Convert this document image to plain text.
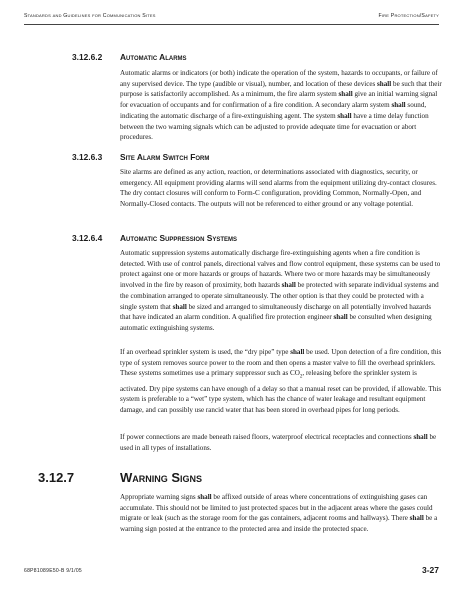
Standards and Guidelines for Communication Sites	Fire Protection/Safety
3.12.6.2 Automatic Alarms

Automatic alarms or indicators (or both) indicate the operation of the system, hazards to occupants, or failure of any supervised device. The type (audible or visual), number, and location of these devices shall be such that their purpose is satisfactorily accomplished. As a minimum, the fire alarm system shall give an initial warning signal for evacuation of occupants and for confirmation of a fire condition. A secondary alarm system shall sound, indicating the automatic discharge of a fire-extinguishing agent. The system shall have a time delay function between the two warning signals which can be adjusted to provide adequate time for evacuation or abort procedures.

3.12.6.3 Site Alarm Switch Form

Site alarms are defined as any action, reaction, or determinations associated with diagnostics, security, or emergency. All equipment providing alarms will send alarms from the equipment utilizing dry-contact closures. The dry contact closures will conform to Form-C configuration, providing Common, Normally-Open, and Normally-Closed contacts. The outputs will not be referenced to either ground or any voltage potential.

3.12.6.4 Automatic Suppression Systems

Automatic suppression systems automatically discharge fire-extinguishing agents when a fire condition is detected. With use of control panels, directional valves and flow control equipment, these systems can be used to protect against one or more hazards or groups of hazards. Where two or more hazards may be simultaneously involved in the fire by reason of proximity, both hazards shall be protected with separate individual systems and the combination arranged to operate simultaneously. The other option is that they could be protected with a single system that shall be sized and arranged to simultaneously discharge on all potentially involved hazards that have indicated an alarm condition. A qualified fire protection engineer shall be consulted when designing automatic extinguishing systems.

If an overhead sprinkler system is used, the “dry pipe” type shall be used. Upon detection of a fire condition, this type of system removes source power to the room and then opens a master valve to fill the overhead sprinklers. These systems sometimes use a primary suppressor such as $CO_2$, releasing before the sprinkler system is activated. Dry pipe systems can have enough of a delay so that a manual reset can be provided, if allowable. This system is preferable to a “wet” type system, which has the chance of water leakage and resultant equipment damage, and can possibly use rancid water that has been stored in overhead pipes for long periods.

If power connections are made beneath raised floors, waterproof electrical receptacles and connections shall be used in all types of installations.

3.12.7	Warning Signs

Appropriate warning signs shall be affixed outside of areas where concentrations of extinguishing gases can accumulate. This should not be limited to just protected spaces but in the adjacent areas where the gases could migrate or leak (such as the storage room for the gas containers, adjacent rooms and hallways). There shall be a warning sign posted at the entrance to the protected area and inside the protected space.

68P81089E50-B 9/1/05	3-27
